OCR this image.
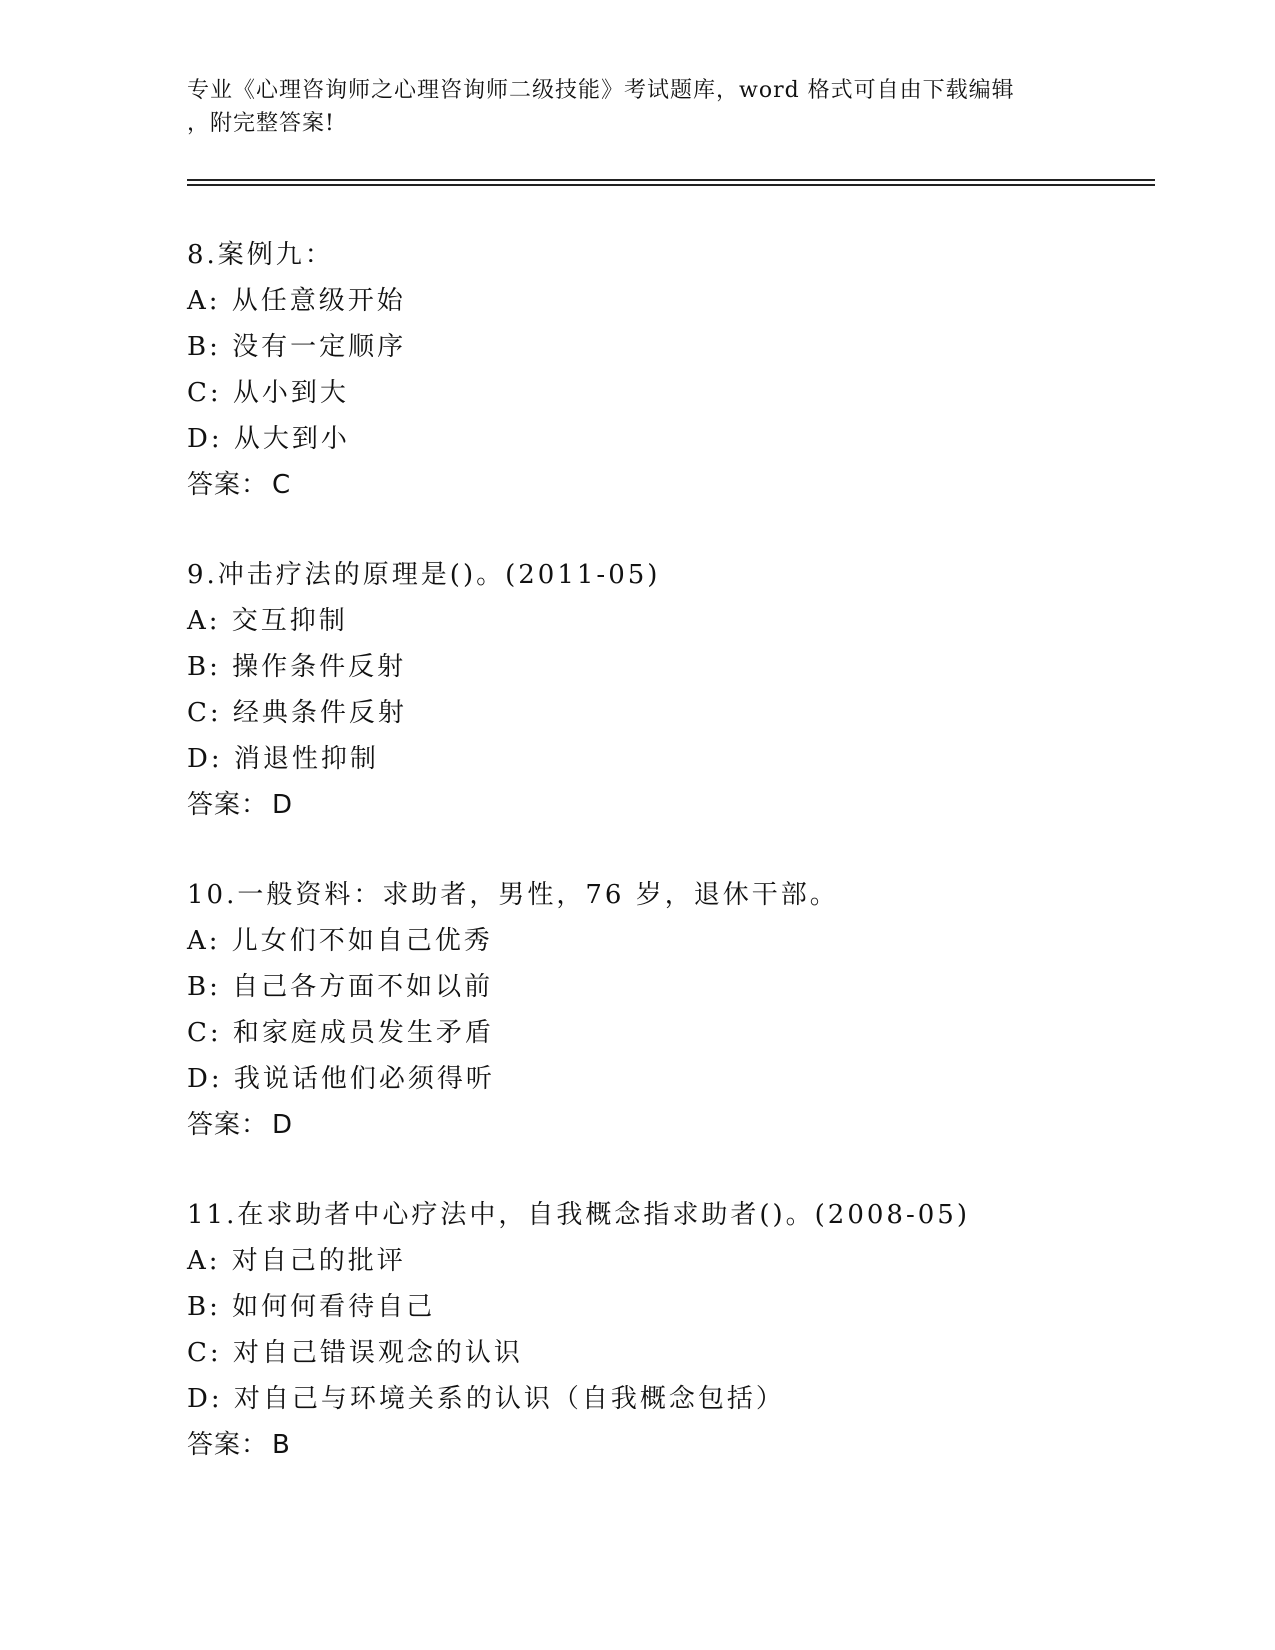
专业《心理咨询师之心理咨询师二级技能》考试题库，word 格式可自由下载编辑
，附完整答案!
8.案例九：
A: 从任意级开始
B: 没有一定顺序
C: 从小到大
D: 从大到小
答案： C
9.冲击疗法的原理是()。(2011-05)
A: 交互抑制
B: 操作条件反射
C: 经典条件反射
D: 消退性抑制
答案： D
10.一般资料：求助者，男性，76 岁，退休干部。
A: 儿女们不如自己优秀
B: 自己各方面不如以前
C: 和家庭成员发生矛盾
D: 我说话他们必须得听
答案： D
11.在求助者中心疗法中，自我概念指求助者()。(2008-05)
A: 对自己的批评
B: 如何何看待自己
C: 对自己错误观念的认识
D: 对自己与环境关系的认识（自我概念包括）
答案： B
